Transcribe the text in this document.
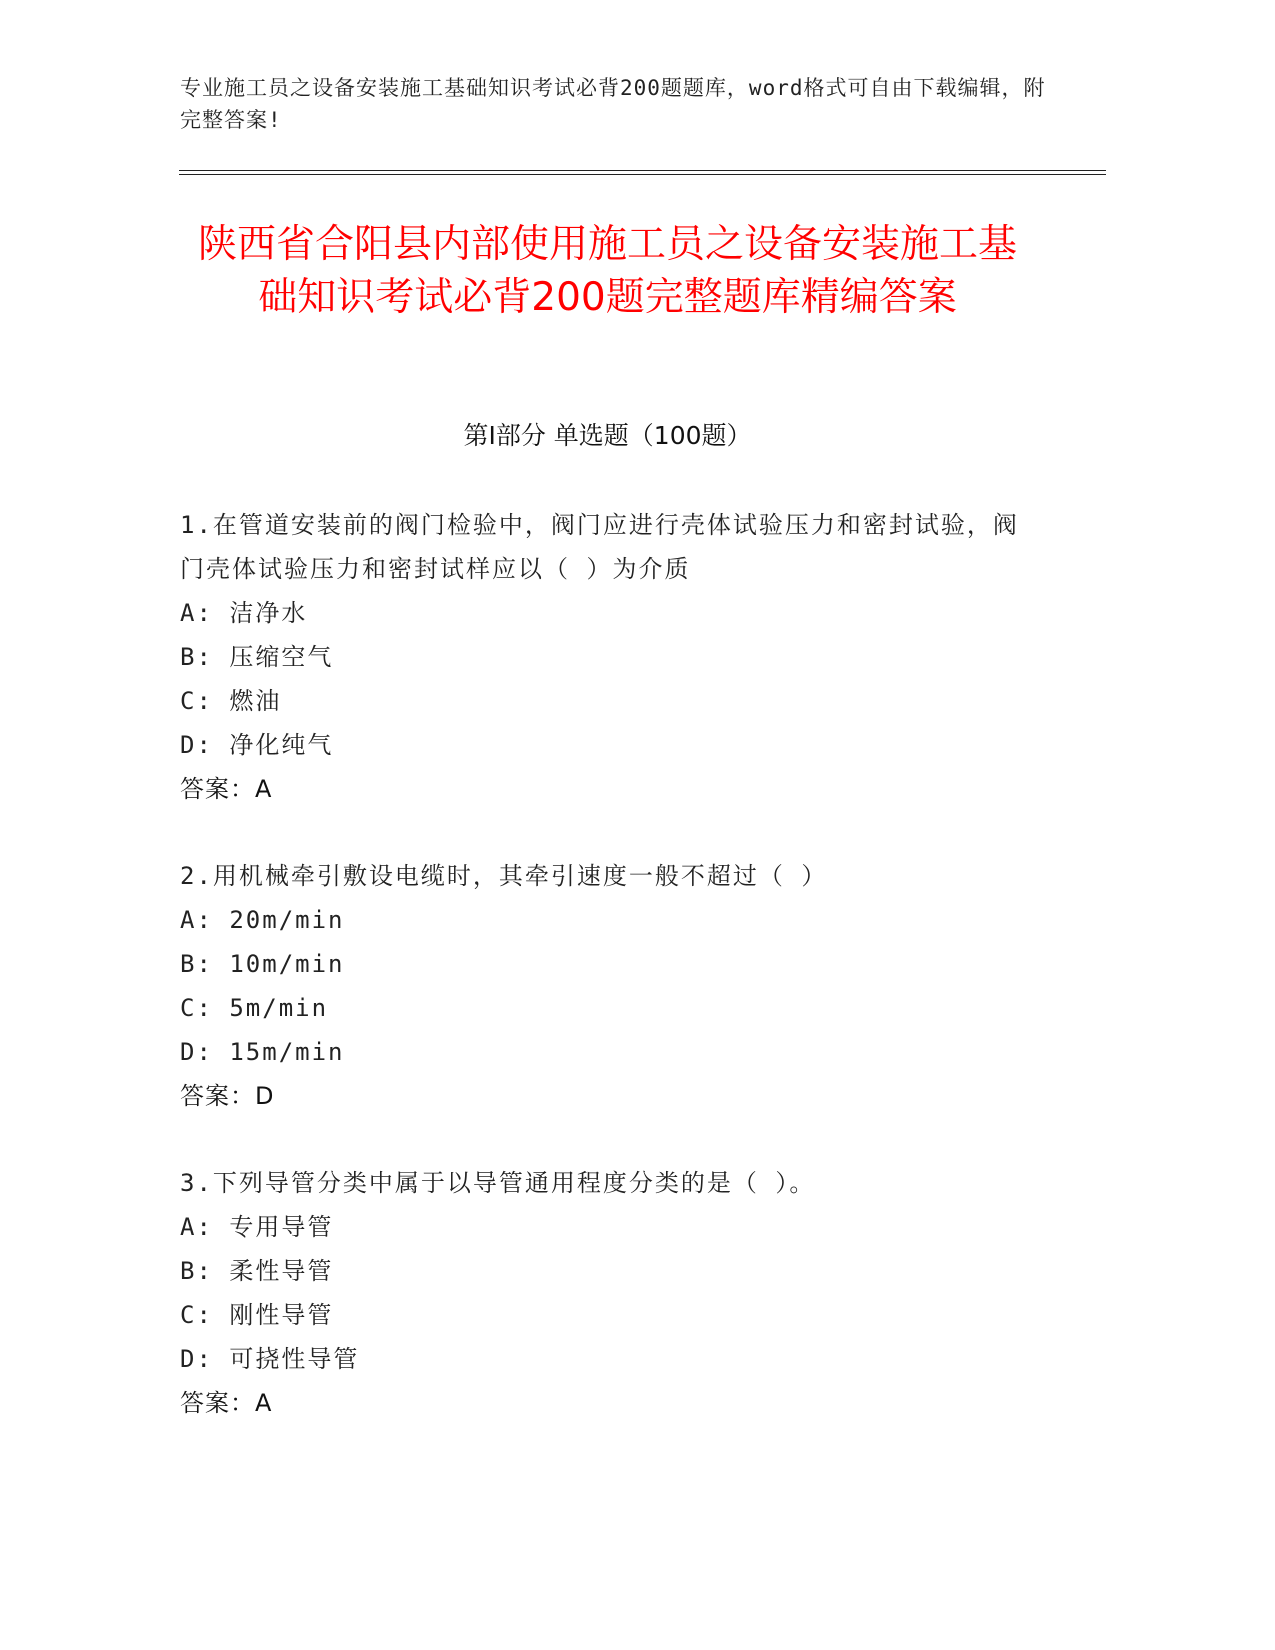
专业施工员之设备安装施工基础知识考试必背200题题库，word格式可自由下载编辑，附完整答案!
陕西省合阳县内部使用施工员之设备安装施工基础知识考试必背200题完整题库精编答案
第I部分 单选题（100题）
1.在管道安装前的阀门检验中，阀门应进行壳体试验压力和密封试验，阀门壳体试验压力和密封试样应以（ ）为介质
A: 洁净水
B: 压缩空气
C: 燃油
D: 净化纯气
答案：A
2.用机械牵引敷设电缆时，其牵引速度一般不超过（ ）
A: 20m/min
B: 10m/min
C: 5m/min
D: 15m/min
答案：D
3.下列导管分类中属于以导管通用程度分类的是（ ）。
A: 专用导管
B: 柔性导管
C: 刚性导管
D: 可挠性导管
答案：A
